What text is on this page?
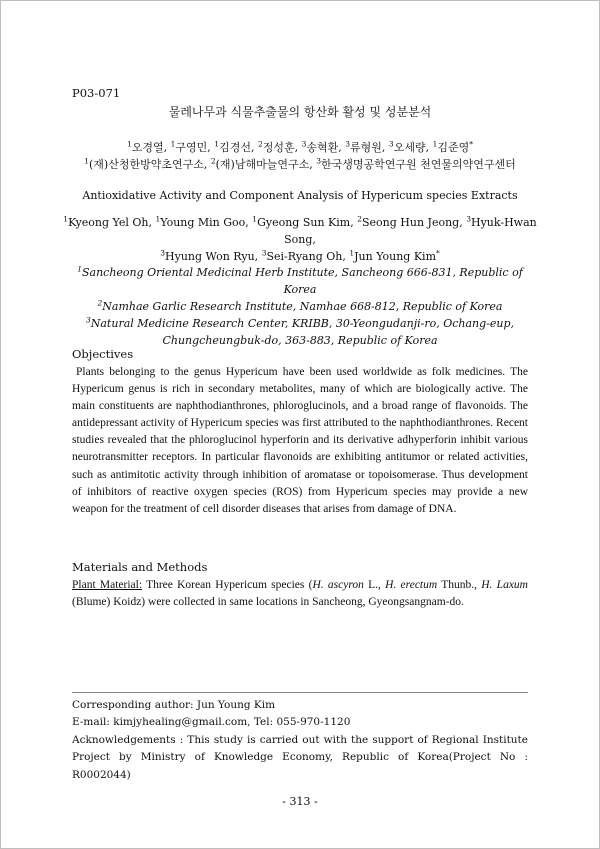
P03-071
물레나무과 식물추출물의 항산화 활성 및 성분분석
$^1$오경열, $^1$구영민, $^1$김경선, $^2$정성훈, $^3$송혁환, $^3$류형원, $^3$오세량, $^1$김준영*
$^1$(재)산청한방약초연구소, $^2$(재)남해마늘연구소, $^3$한국생명공학연구원 천연물의약연구센터
Antioxidative Activity and Component Analysis of Hypericum species Extracts
$^1$Kyeong Yel Oh, $^1$Young Min Goo, $^1$Gyeong Sun Kim, $^2$Seong Hun Jeong, $^3$Hyuk-Hwan Song,
$^3$Hyung Won Ryu, $^3$Sei-Ryang Oh, $^1$Jun Young Kim*
$^1$Sancheong Oriental Medicinal Herb Institute, Sancheong 666-831, Republic of Korea
$^2$Namhae Garlic Research Institute, Namhae 668-812, Republic of Korea
$^3$Natural Medicine Research Center, KRIBB, 30-Yeongudanji-ro, Ochang-eup,
Chungcheungbuk-do, 363-883, Republic of Korea
Objectives
Plants belonging to the genus Hypericum have been used worldwide as folk medicines. The Hypericum genus is rich in secondary metabolites, many of which are biologically active. The main constituents are naphthodianthrones, phloroglucinols, and a broad range of flavonoids. The antidepressant activity of Hypericum species was first attributed to the naphthodianthrones. Recent studies revealed that the phloroglucinol hyperforin and its derivative adhyperforin inhibit various neurotransmitter receptors. In particular flavonoids are exhibiting antitumor or related activities, such as antimitotic activity through inhibition of aromatase or topoisomerase. Thus development of inhibitors of reactive oxygen species (ROS) from Hypericum species may provide a new weapon for the treatment of cell disorder diseases that arises from damage of DNA.
Materials and Methods
Plant Material: Three Korean Hypericum species (H. ascyron L., H. erectum Thunb., H. Laxum (Blume) Koidz) were collected in same locations in Sancheong, Gyeongsangnam-do.
Corresponding author: Jun Young Kim
E-mail: kimjyhealing@gmail.com, Tel: 055-970-1120
Acknowledgements : This study is carried out with the support of Regional Institute Project by Ministry of Knowledge Economy, Republic of Korea(Project No : R0002044)
- 313 -
